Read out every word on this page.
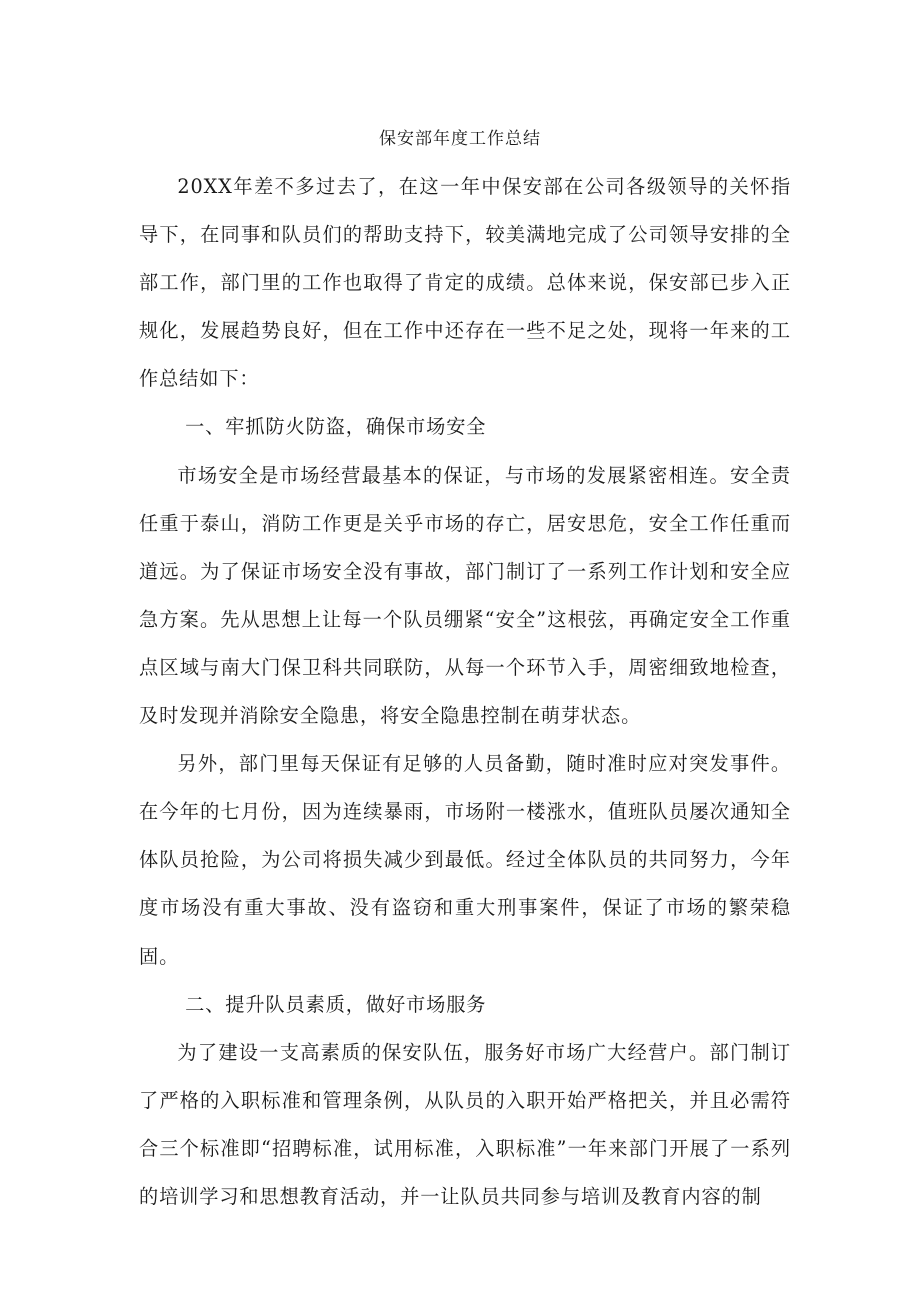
保安部年度工作总结

20XX年差不多过去了，在这一年中保安部在公司各级领导的关怀指导下，在同事和队员们的帮助支持下，较美满地完成了公司领导安排的全部工作，部门里的工作也取得了肯定的成绩。总体来说，保安部已步入正规化，发展趋势良好，但在工作中还存在一些不足之处，现将一年来的工作总结如下：

一、牢抓防火防盗，确保市场安全

市场安全是市场经营最基本的保证，与市场的发展紧密相连。安全责任重于泰山，消防工作更是关乎市场的存亡，居安思危，安全工作任重而道远。为了保证市场安全没有事故，部门制订了一系列工作计划和安全应急方案。先从思想上让每一个队员绷紧“安全”这根弦，再确定安全工作重点区域与南大门保卫科共同联防，从每一个环节入手，周密细致地检查，及时发现并消除安全隐患，将安全隐患控制在萌芽状态。

另外，部门里每天保证有足够的人员备勤，随时准时应对突发事件。在今年的七月份，因为连续暴雨，市场附一楼涨水，值班队员屡次通知全体队员抢险，为公司将损失减少到最低。经过全体队员的共同努力，今年度市场没有重大事故、没有盗窃和重大刑事案件，保证了市场的繁荣稳固。

二、提升队员素质，做好市场服务

为了建设一支高素质的保安队伍，服务好市场广大经营户。部门制订了严格的入职标准和管理条例，从队员的入职开始严格把关，并且必需符合三个标准即“招聘标准，试用标准，入职标准”一年来部门开展了一系列的培训学习和思想教育活动，并一让队员共同参与培训及教育内容的制
